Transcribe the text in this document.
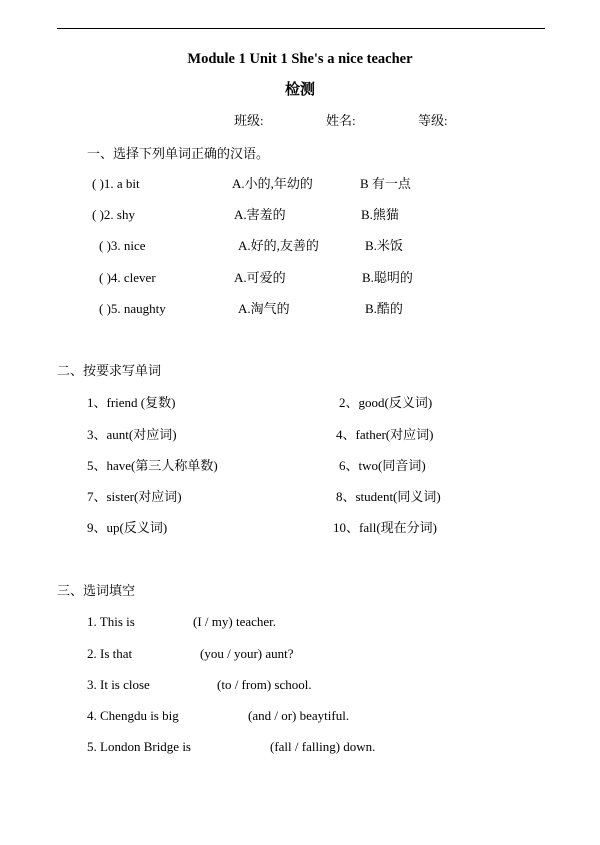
Module 1 Unit 1 She's a nice teacher
检测
班级:	姓名:	等级:
一、选择下列单词正确的汉语。
( )1. a bit	A.小的,年幼的	B 有一点
( )2. shy	A.害羞的	B.熊猫
( )3. nice	A.好的,友善的	B.米饭
( )4. clever	A.可爱的	B.聪明的
( )5. naughty	A.淘气的	B.酷的
二、按要求写单词
1、friend (复数)	2、good(反义词)
3、aunt(对应词)	4、father(对应词)
5、have(第三人称单数)	6、two(同音词)
7、sister(对应词)	8、student(同义词)
9、up(反义词)	10、fall(现在分词)
三、选词填空
1. This is	(I / my) teacher.
2. Is that	(you / your) aunt?
3. It is close	(to / from) school.
4. Chengdu is big	(and / or) beaytiful.
5. London Bridge is	(fall / falling) down.
